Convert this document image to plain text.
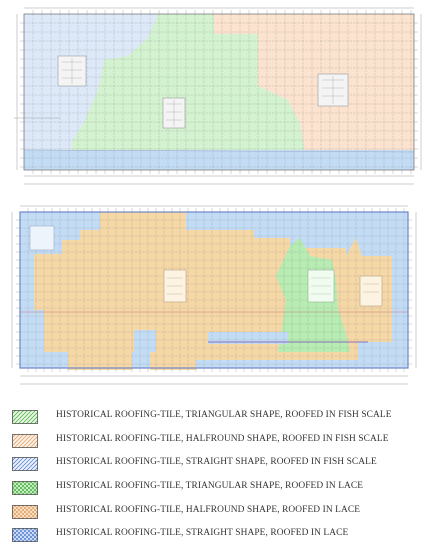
HISTORICAL ROOFING-TILE, TRIANGULAR SHAPE, ROOFED IN FISH SCALE
HISTORICAL ROOFING-TILE, HALFROUND SHAPE, ROOFED IN FISH SCALE
HISTORICAL ROOFING-TILE, STRAIGHT SHAPE, ROOFED IN FISH SCALE
HISTORICAL ROOFING-TILE, TRIANGULAR SHAPE, ROOFED IN LACE
HISTORICAL ROOFING-TILE, HALFROUND SHAPE, ROOFED IN LACE
HISTORICAL ROOFING-TILE, STRAIGHT SHAPE, ROOFED IN LACE
